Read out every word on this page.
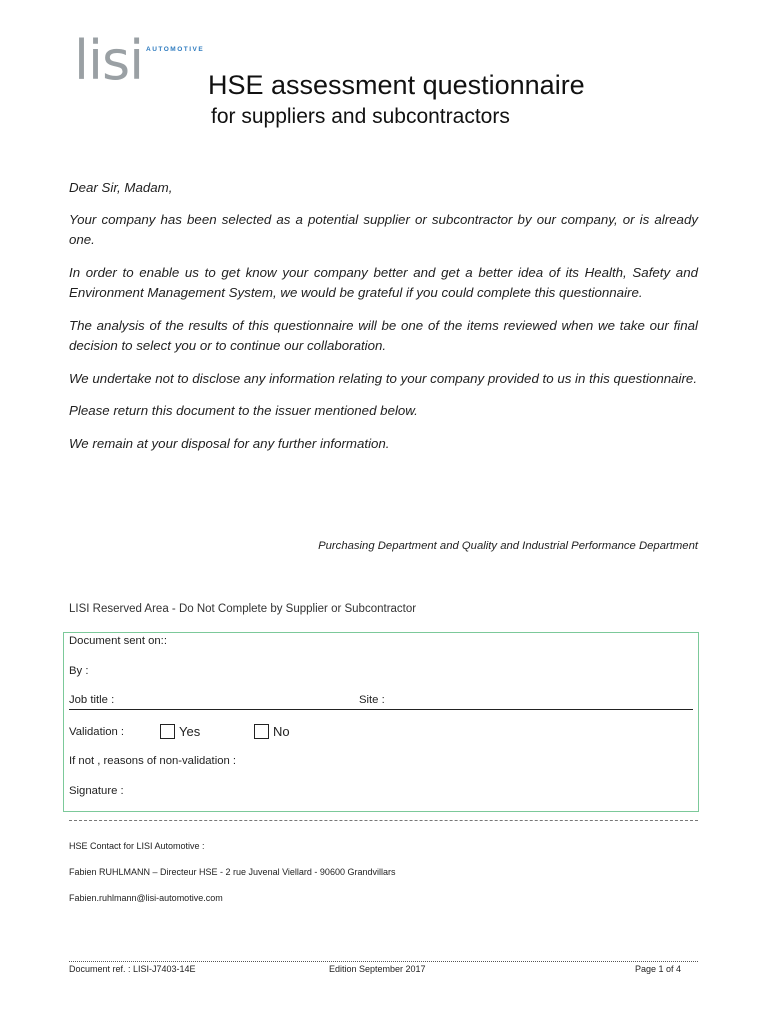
lisi AUTOMOTIVE
HSE assessment questionnaire
for suppliers and subcontractors

Dear Sir, Madam,

Your company has been selected as a potential supplier or subcontractor by our company, or is already one.

In order to enable us to get know your company better and get a better idea of its Health, Safety and Environment Management System, we would be grateful if you could complete this questionnaire.

The analysis of the results of this questionnaire will be one of the items reviewed when we take our final decision to select you or to continue our collaboration.

We undertake not to disclose any information relating to your company provided to us in this questionnaire.

Please return this document to the issuer mentioned below.

We remain at your disposal for any further information.

Purchasing Department and Quality and Industrial Performance Department
LISI Reserved Area - Do Not Complete by Supplier or Subcontractor
Document sent on::
By :
Job title :	Site :
Validation :	Yes	No
If not , reasons of non-validation :
Signature :
HSE Contact for LISI Automotive :
Fabien RUHLMANN – Directeur HSE - 2 rue Juvenal Viellard - 90600 Grandvillars
Fabien.ruhlmann@lisi-automotive.com
Document ref. : LISI-J7403-14E	Edition September 2017	Page 1 of 4
